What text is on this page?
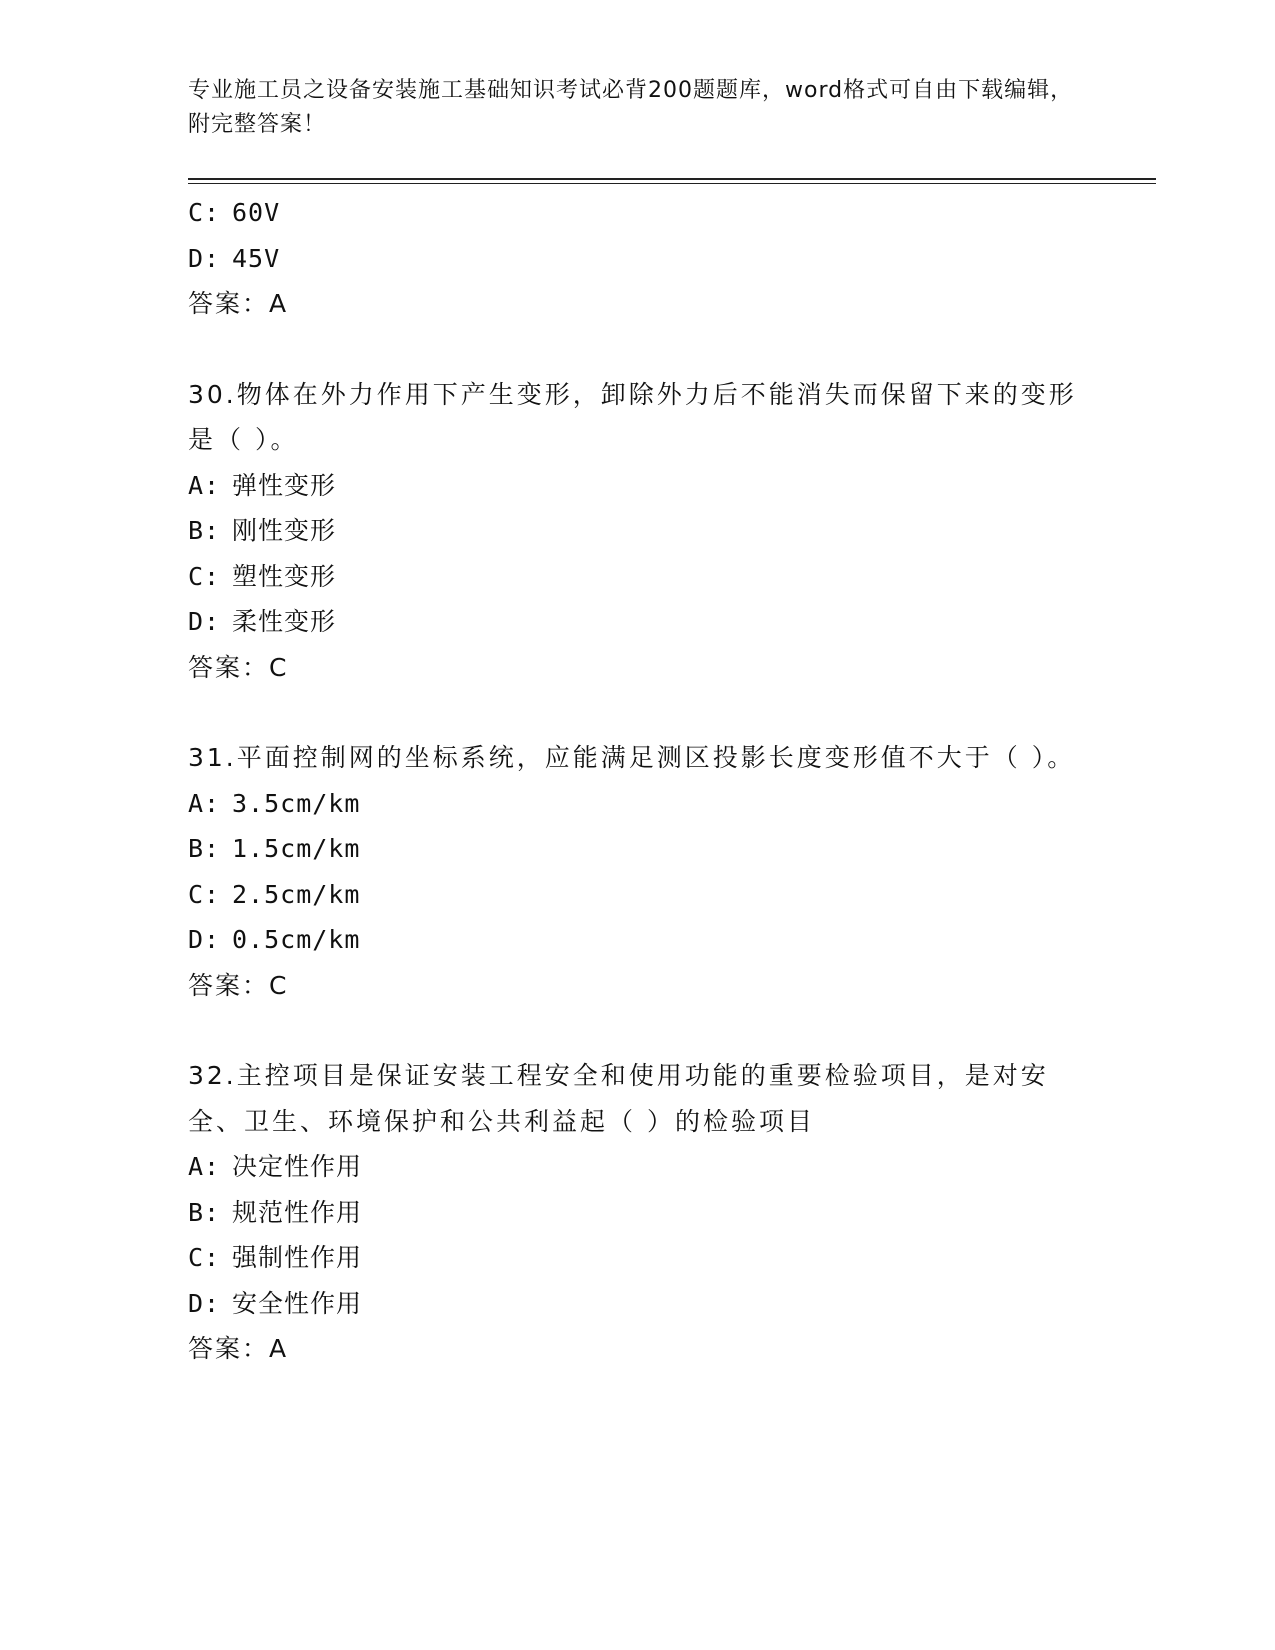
专业施工员之设备安装施工基础知识考试必背200题题库，word格式可自由下载编辑，附完整答案！
C: 60V
D: 45V
答案：A
30.物体在外力作用下产生变形，卸除外力后不能消失而保留下来的变形是（ ）。
A: 弹性变形
B: 刚性变形
C: 塑性变形
D: 柔性变形
答案：C
31.平面控制网的坐标系统，应能满足测区投影长度变形值不大于（ ）。
A: 3.5cm/km
B: 1.5cm/km
C: 2.5cm/km
D: 0.5cm/km
答案：C
32.主控项目是保证安装工程安全和使用功能的重要检验项目，是对安全、卫生、环境保护和公共利益起（ ）的检验项目
A: 决定性作用
B: 规范性作用
C: 强制性作用
D: 安全性作用
答案：A
